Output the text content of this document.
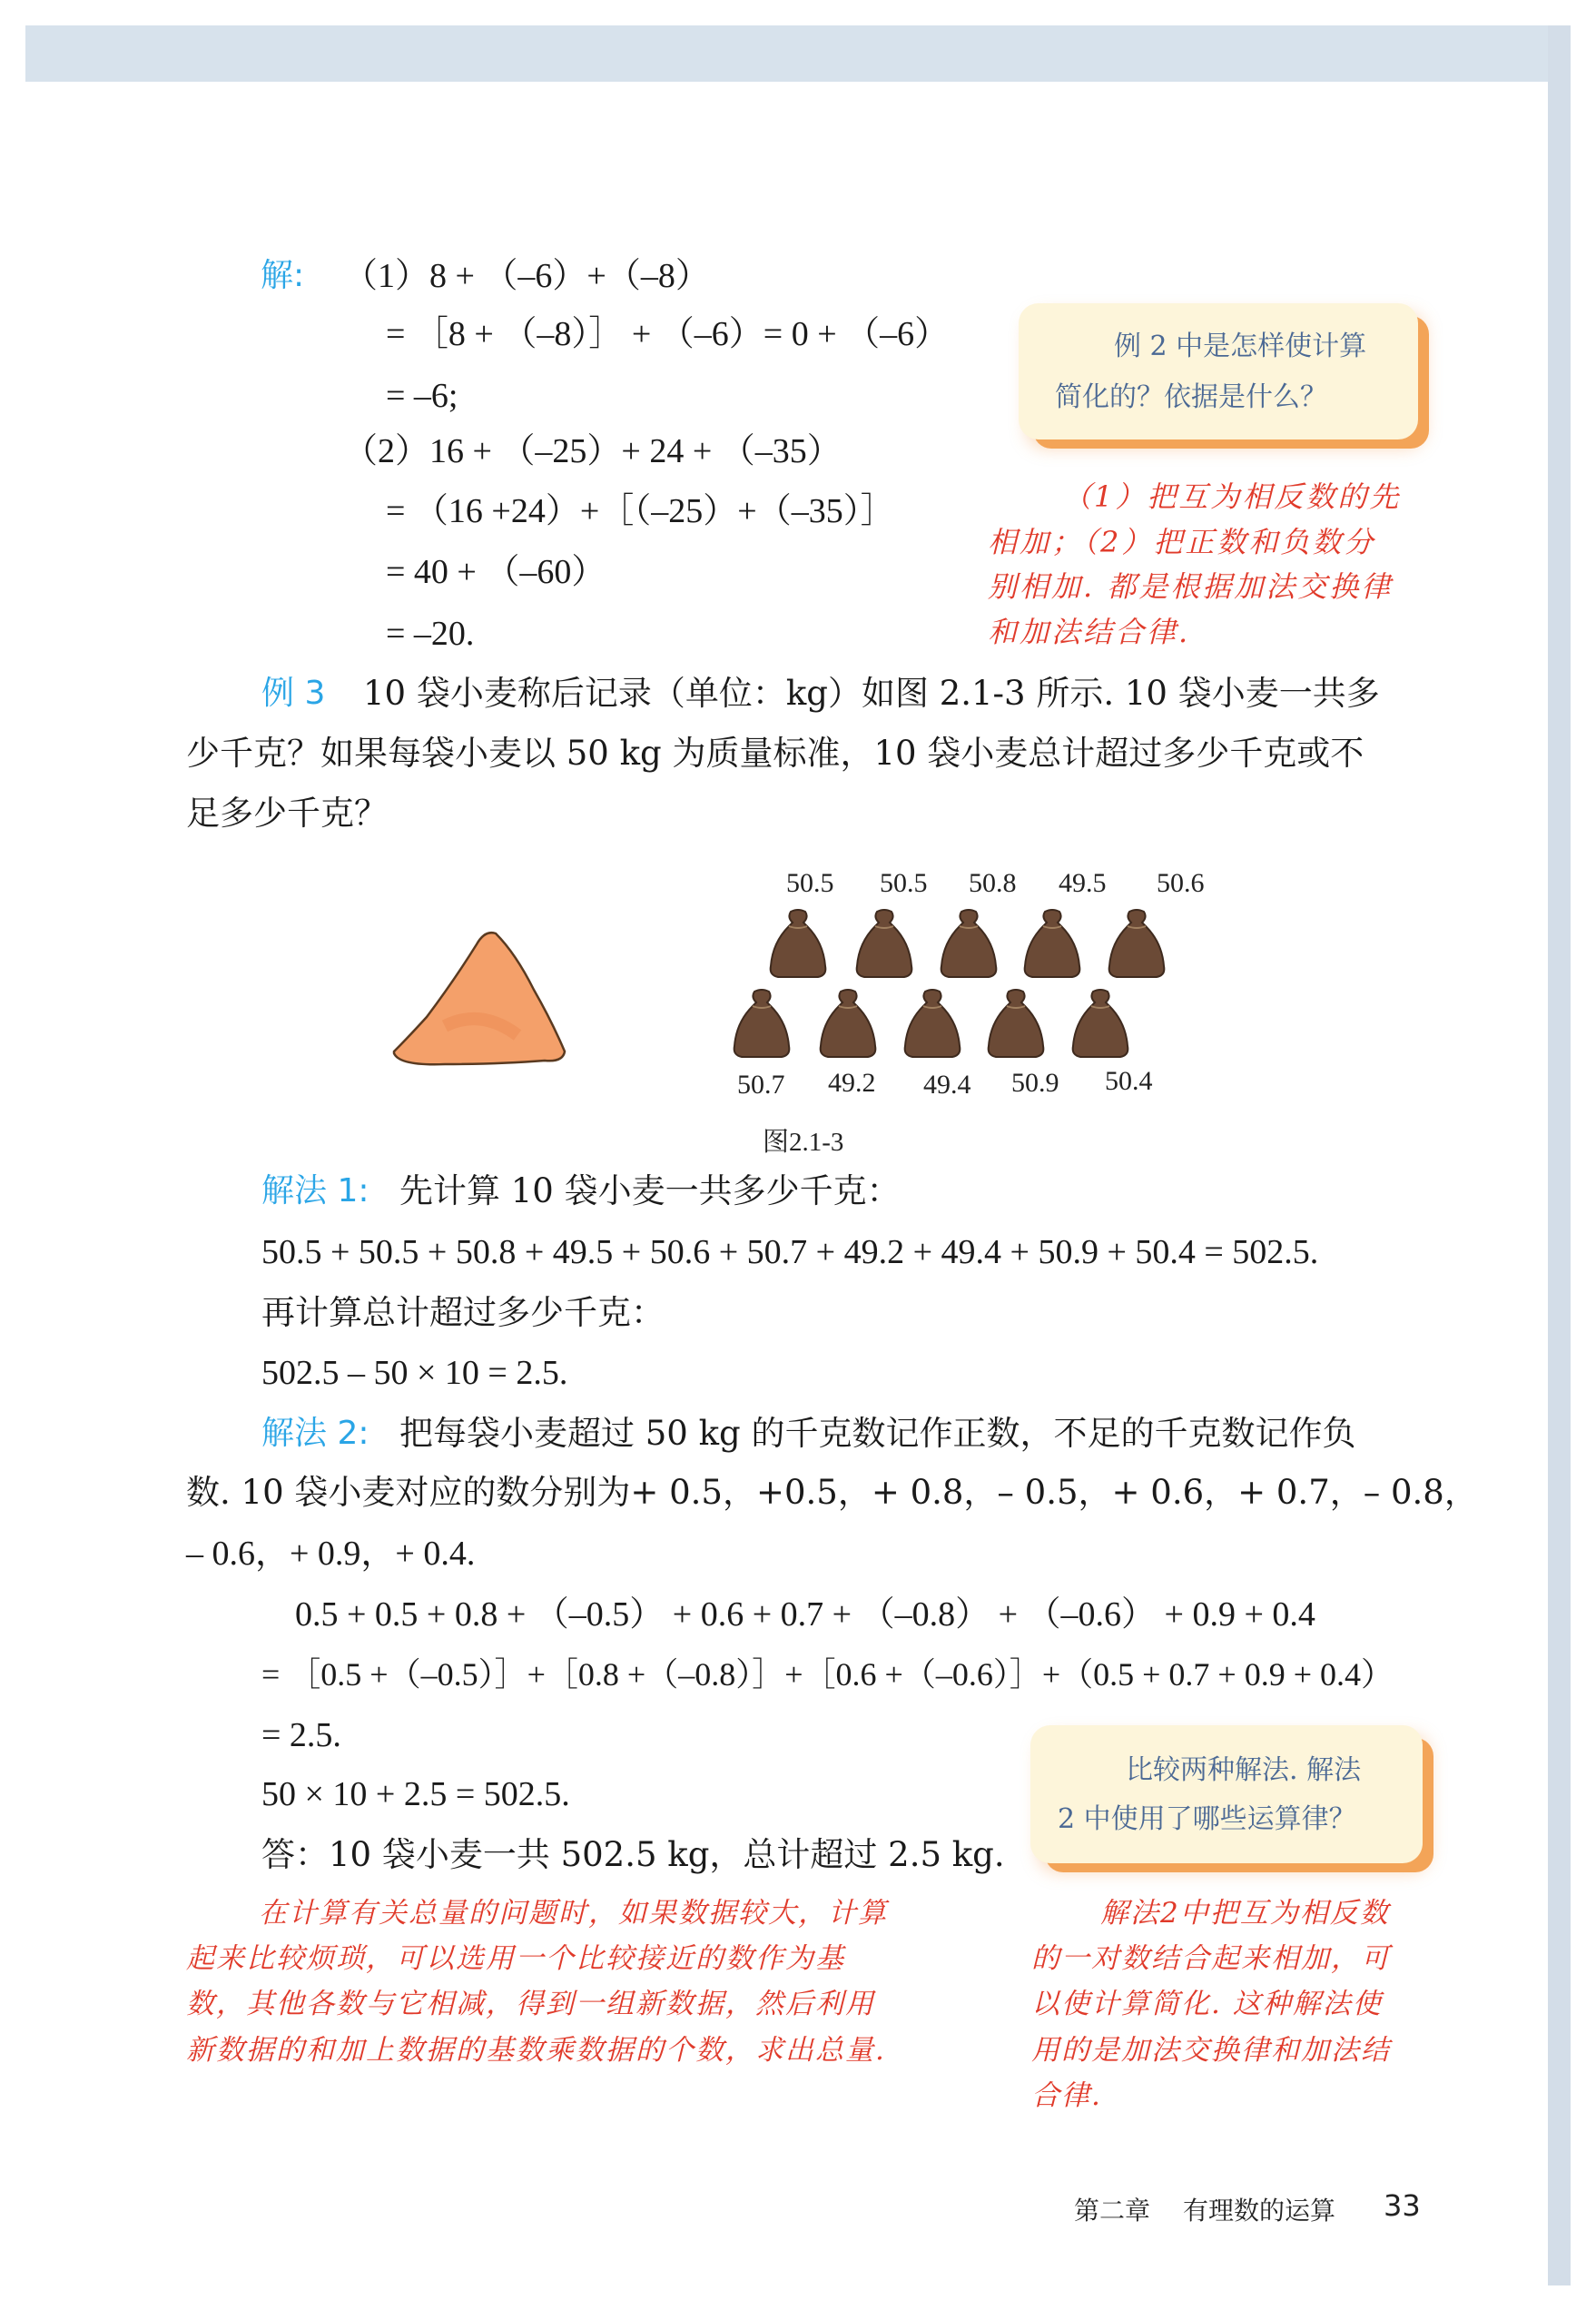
解: （1）8 + （–6）+（–8）
= ［8 + （–8）］ + （–6）= 0 + （–6）
= –6;
（2）16 + （–25）+ 24 + （–35）
= （16 +24）+［（–25）+（–35）］
= 40 + （–60）
= –20.
例 2 中是怎样使计算
简化的？依据是什么？
（1）把互为相反数的先
相加；（2）把正数和负数分
别相加. 都是根据加法交换律
和加法结合律.
例 3 10 袋小麦称后记录（单位：kg）如图 2.1-3 所示. 10 袋小麦一共多
少千克？如果每袋小麦以 50 kg 为质量标准，10 袋小麦总计超过多少千克或不
足多少千克？
50.5 50.5 50.8 49.5 50.6
50.7 49.2 49.4 50.9 50.4
图2.1-3
解法 1: 先计算 10 袋小麦一共多少千克：
50.5 + 50.5 + 50.8 + 49.5 + 50.6 + 50.7 + 49.2 + 49.4 + 50.9 + 50.4 = 502.5.
再计算总计超过多少千克：
502.5 – 50 × 10 = 2.5.
解法 2: 把每袋小麦超过 50 kg 的千克数记作正数，不足的千克数记作负
数. 10 袋小麦对应的数分别为+ 0.5，+0.5，+ 0.8，– 0.5，+ 0.6，+ 0.7，– 0.8，
– 0.6，+ 0.9，+ 0.4.
0.5 + 0.5 + 0.8 + （–0.5） + 0.6 + 0.7 + （–0.8） + （–0.6） + 0.9 + 0.4
= ［0.5 +（–0.5）］+［0.8 +（–0.8）］+［0.6 +（–0.6）］+（0.5 + 0.7 + 0.9 + 0.4）
= 2.5.
50 × 10 + 2.5 = 502.5.
答：10 袋小麦一共 502.5 kg，总计超过 2.5 kg.
比较两种解法. 解法
2 中使用了哪些运算律？
在计算有关总量的问题时，如果数据较大，计算
起来比较烦琐，可以选用一个比较接近的数作为基
数，其他各数与它相减，得到一组新数据，然后利用
新数据的和加上数据的基数乘数据的个数，求出总量.
解法2中把互为相反数
的一对数结合起来相加，可
以使计算简化. 这种解法使
用的是加法交换律和加法结
合律.
第二章 有理数的运算 33
